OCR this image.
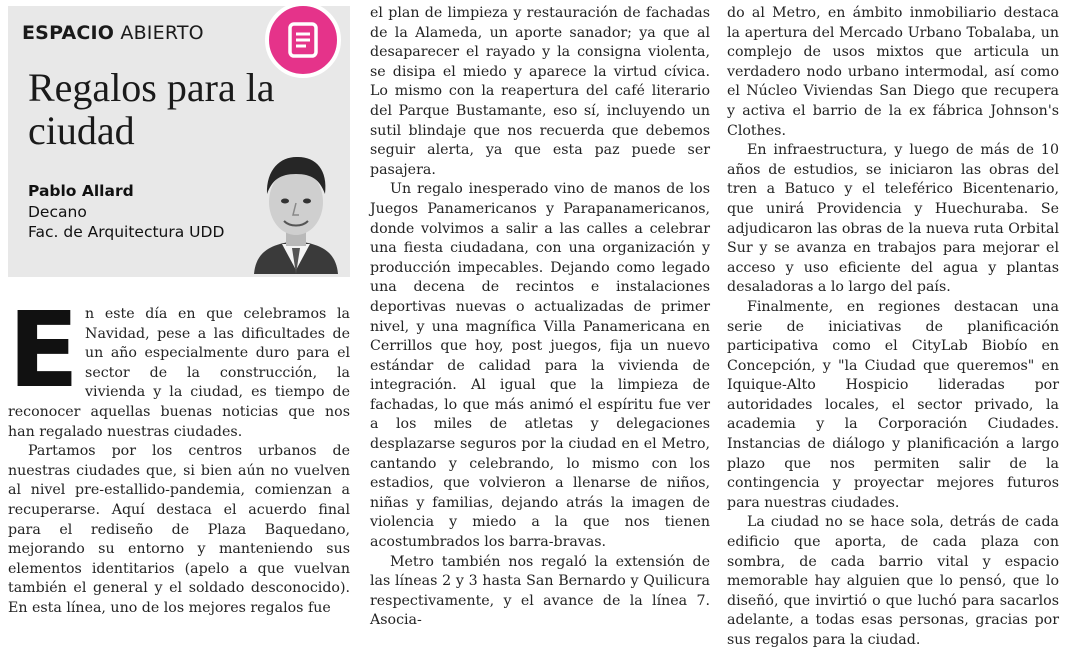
ESPACIO ABIERTO
Regalos para la ciudad
Pablo Allard
Decano
Fac. de Arquitectura UDD

En este día en que celebramos la Navidad, pese a las dificultades de un año especialmente duro para el sector de la construcción, la vivienda y la ciudad, es tiempo de reconocer aquellas buenas noticias que nos han regalado nuestras ciudades.

Partamos por los centros urbanos de nuestras ciudades que, si bien aún no vuelven al nivel pre-estallido-pandemia, comienzan a recuperarse. Aquí destaca el acuerdo final para el rediseño de Plaza Baquedano, mejorando su entorno y manteniendo sus elementos identitarios (apelo a que vuelvan también el general y el soldado desconocido). En esta línea, uno de los mejores regalos fue

el plan de limpieza y restauración de fachadas de la Alameda, un aporte sanador; ya que al desaparecer el rayado y la consigna violenta, se disipa el miedo y aparece la virtud cívica. Lo mismo con la reapertura del café literario del Parque Bustamante, eso sí, incluyendo un sutil blindaje que nos recuerda que debemos seguir alerta, ya que esta paz puede ser pasajera.

Un regalo inesperado vino de manos de los Juegos Panamericanos y Parapanamericanos, donde volvimos a salir a las calles a celebrar una fiesta ciudadana, con una organización y producción impecables. Dejando como legado una decena de recintos e instalaciones deportivas nuevas o actualizadas de primer nivel, y una magnífica Villa Panamericana en Cerrillos que hoy, post juegos, fija un nuevo estándar de calidad para la vivienda de integración. Al igual que la limpieza de fachadas, lo que más animó el espíritu fue ver a los miles de atletas y delegaciones desplazarse seguros por la ciudad en el Metro, cantando y celebrando, lo mismo con los estadios, que volvieron a llenarse de niños, niñas y familias, dejando atrás la imagen de violencia y miedo a la que nos tienen acostumbrados los barra-bravas.

Metro también nos regaló la extensión de las líneas 2 y 3 hasta San Bernardo y Quilicura respectivamente, y el avance de la línea 7. Asocia-

do al Metro, en ámbito inmobiliario destaca la apertura del Mercado Urbano Tobalaba, un complejo de usos mixtos que articula un verdadero nodo urbano intermodal, así como el Núcleo Viviendas San Diego que recupera y activa el barrio de la ex fábrica Johnson's Clothes.

En infraestructura, y luego de más de 10 años de estudios, se iniciaron las obras del tren a Batuco y el teleférico Bicentenario, que unirá Providencia y Huechuraba. Se adjudicaron las obras de la nueva ruta Orbital Sur y se avanza en trabajos para mejorar el acceso y uso eficiente del agua y plantas desaladoras a lo largo del país.

Finalmente, en regiones destacan una serie de iniciativas de planificación participativa como el CityLab Biobío en Concepción, y "la Ciudad que queremos" en Iquique-Alto Hospicio lideradas por autoridades locales, el sector privado, la academia y la Corporación Ciudades. Instancias de diálogo y planificación a largo plazo que nos permiten salir de la contingencia y proyectar mejores futuros para nuestras ciudades.

La ciudad no se hace sola, detrás de cada edificio que aporta, de cada plaza con sombra, de cada barrio vital y espacio memorable hay alguien que lo pensó, que lo diseñó, que invirtió o que luchó para sacarlos adelante, a todas esas personas, gracias por sus regalos para la ciudad.
